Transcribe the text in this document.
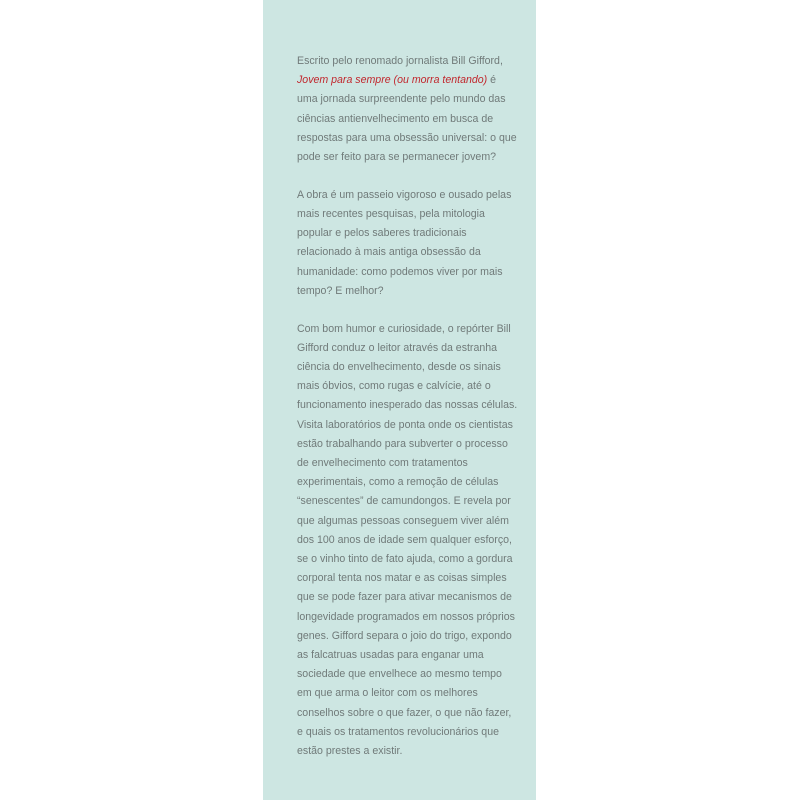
Escrito pelo renomado jornalista Bill Gifford, Jovem para sempre (ou morra tentando) é uma jornada surpreendente pelo mundo das ciências antienvelhecimento em busca de respostas para uma obsessão universal: o que pode ser feito para se permanecer jovem?

A obra é um passeio vigoroso e ousado pelas mais recentes pesquisas, pela mitologia popular e pelos saberes tradicionais relacionado à mais antiga obsessão da humanidade: como podemos viver por mais tempo? E melhor?

Com bom humor e curiosidade, o repórter Bill Gifford conduz o leitor através da estranha ciência do envelhecimento, desde os sinais mais óbvios, como rugas e calvície, até o funcionamento inesperado das nossas células. Visita laboratórios de ponta onde os cientistas estão trabalhando para subverter o processo de envelhecimento com tratamentos experimentais, como a remoção de células “senescentes” de camundongos. E revela por que algumas pessoas conseguem viver além dos 100 anos de idade sem qualquer esforço, se o vinho tinto de fato ajuda, como a gordura corporal tenta nos matar e as coisas simples que se pode fazer para ativar mecanismos de longevidade programados em nossos próprios genes. Gifford separa o joio do trigo, expondo as falcatruas usadas para enganar uma sociedade que envelhece ao mesmo tempo em que arma o leitor com os melhores conselhos sobre o que fazer, o que não fazer, e quais os tratamentos revolucionários que estão prestes a existir.
